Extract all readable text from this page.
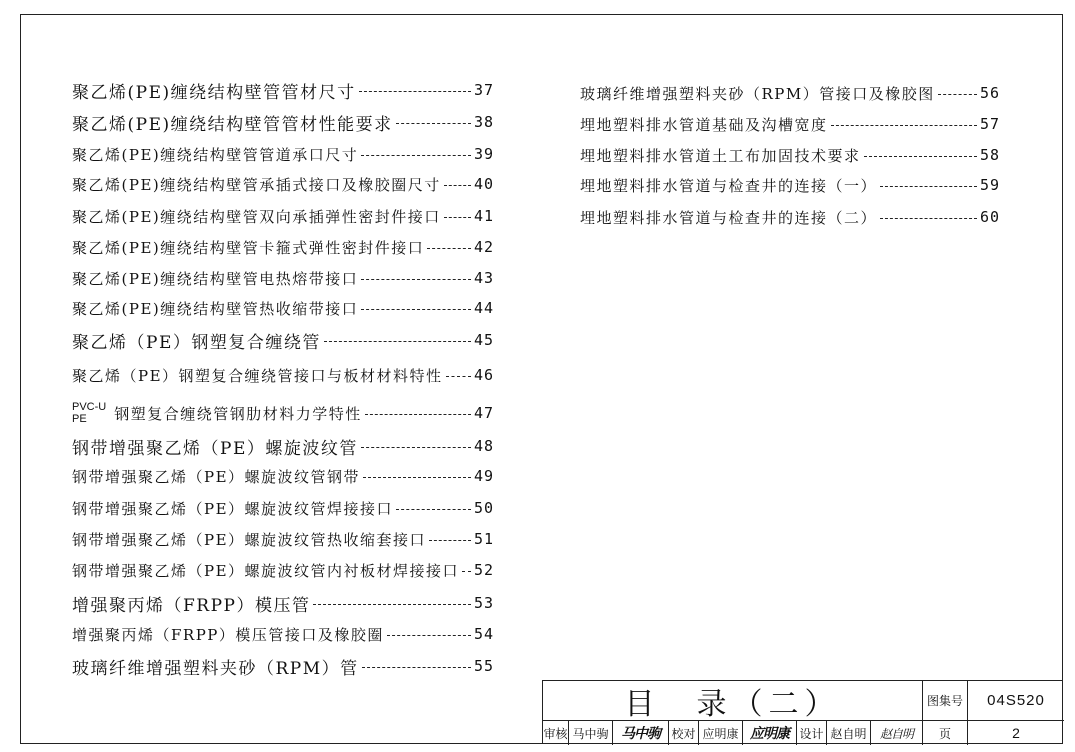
聚乙烯(PE)缠绕结构壁管管材尺寸	37
聚乙烯(PE)缠绕结构壁管管材性能要求	38
聚乙烯(PE)缠绕结构壁管管道承口尺寸	39
聚乙烯(PE)缠绕结构壁管承插式接口及橡胶圈尺寸 40
聚乙烯(PE)缠绕结构壁管双向承插弹性密封件接口 41
聚乙烯(PE)缠绕结构壁管卡箍式弹性密封件接口	42
聚乙烯(PE)缠绕结构壁管电热熔带接口	43
聚乙烯(PE)缠绕结构壁管热收缩带接口	44
聚乙烯（PE）钢塑复合缠绕管	45
聚乙烯（PE）钢塑复合缠绕管接口与板材材料特性 46
PVC-U
PE	钢塑复合缠绕管钢肋材料力学特性	47
钢带增强聚乙烯（PE）螺旋波纹管	48
钢带增强聚乙烯（PE）螺旋波纹管钢带	49
钢带增强聚乙烯（PE）螺旋波纹管焊接接口	50
钢带增强聚乙烯（PE）螺旋波纹管热收缩套接口	51
钢带增强聚乙烯（PE）螺旋波纹管内衬板材焊接接口 52
增强聚丙烯（FRPP）模压管	53
增强聚丙烯（FRPP）模压管接口及橡胶圈	54
玻璃纤维增强塑料夹砂（RPM）管	55
玻璃纤维增强塑料夹砂（RPM）管接口及橡胶图	56
埋地塑料排水管道基础及沟槽宽度	57
埋地塑料排水管道土工布加固技术要求	58
埋地塑料排水管道与检查井的连接（一）	59
埋地塑料排水管道与检查井的连接（二）	60
目　录（二）	图集号 04S520
审核 马中驹 马中驹 校对 应明康 应明康 设计 赵自明 赵自明 页	2
